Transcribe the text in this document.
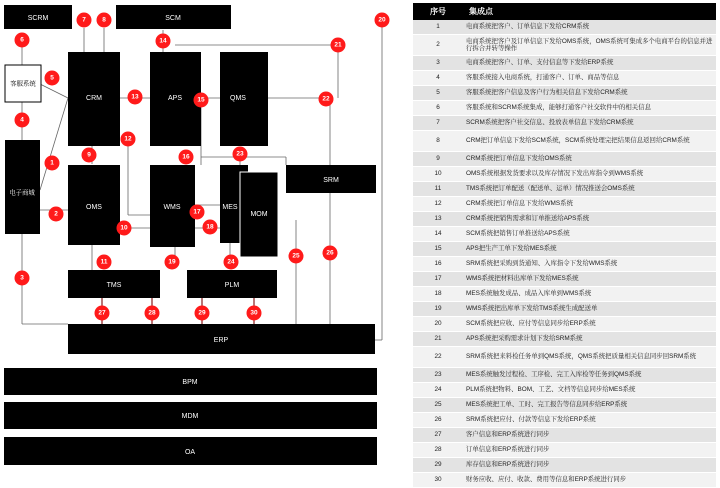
SCRM	SCM
客服系统
CRM	APS	QMS
电子商城
OMS	WMS	MES
MOM
SRM
TMS	PLM
ERP
BPM
MDM
OA
1
2
3
4
5
6
7	8
9
10
11
12
13
14
15
16
17
18
19
20
21
22
23
24
25	26
27	28	29	30
序号	集成点
1	电商系统把客户、订单信息下发给CRM系统
2	电商系统把客户及订单信息下发给OMS系统，OMS系统可集成多个电商平台的信息并进行拆合并转等操作
3	电商系统把客户、订单、支付信息等下发给ERP系统
4	客服系统接入电商系统，打通客户、订单、商品等信息
5	客服系统把客户信息及客户行为相关信息下发给CRM系统
6	客服系统和SCRM系统集成，能够打通客户社交软件中的相关信息
7	SCRM系统把客户社交信息、投放表单信息下发给CRM系统
8	CRM把订单信息下发给SCM系统，SCM系统处理完把结果信息返回给CRM系统
9	CRM系统把订单信息下发给OMS系统
10	OMS系统根据发货要求以及库存情况下发出库指令到WMS系统
11	TMS系统把订单配送（配送单、运单）情况推送会OMS系统
12	CRM系统把订单信息下发给WMS系统
13	CRM系统把销售需求和订单推送给APS系统
14	SCM系统把销售订单推送给APS系统
15	APS把生产工单下发给MES系统
16	SRM系统把采购到货通知、入库指令下发给WMS系统
17	WMS系统把材料出库单下发给MES系统
18	MES系统触发成品、成品入库单到WMS系统
19	WMS系统把出库单下发给TMS系统生成配送单
20	SCM系统把应收、应付等信息同步给ERP系统
21	APS系统把采购需求计划下发给SRM系统
22	SRM系统把来料检任务单到QMS系统，QMS系统把质量相关信息同步回SRM系统
23	MES系统触发过程检、工序检、完工入库检等任务到QMS系统
24	PLM系统把物料、BOM、工艺、文档等信息同步给MES系统
25	MES系统把工单、工时、完工报告等信息同步给ERP系统
26	SRM系统把应付、付款等信息下发给ERP系统
27	客户信息和ERP系统进行同步
28	订单信息和ERP系统进行同步
29	库存信息和ERP系统进行同步
30	财务应收、应付、收款、费用等信息和ERP系统进行同步
